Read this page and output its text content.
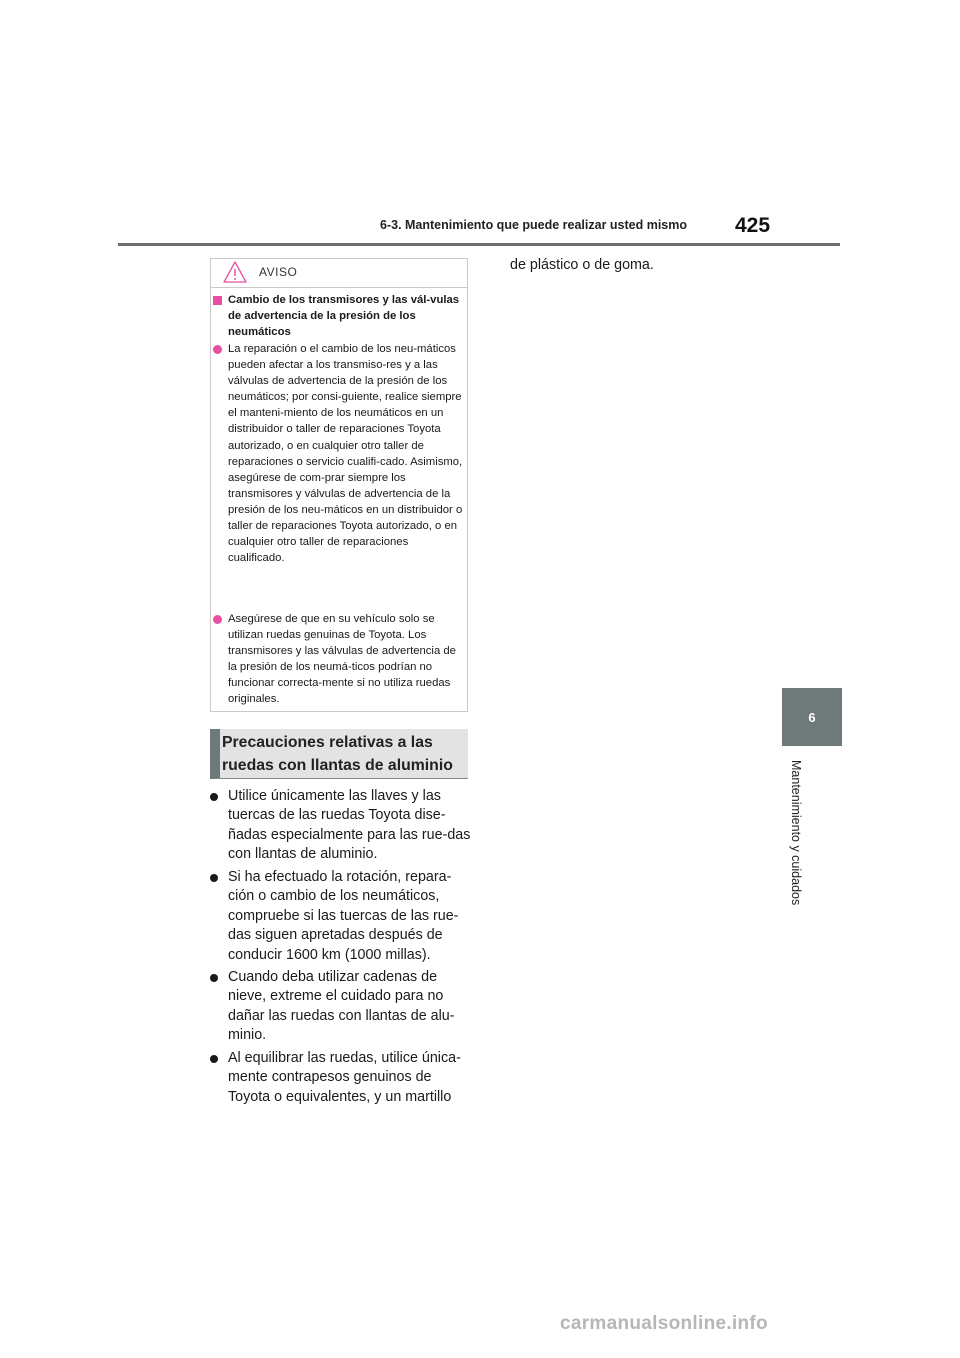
6-3. Mantenimiento que puede realizar usted mismo 425
6
Mantenimiento y cuidados
AVISO
Cambio de los transmisores y las vál-vulas de advertencia de la presión de los neumáticos
La reparación o el cambio de los neu-máticos pueden afectar a los transmiso-res y a las válvulas de advertencia de la presión de los neumáticos; por consi-guiente, realice siempre el manteni-miento de los neumáticos en un distribuidor o taller de reparaciones Toyota autorizado, o en cualquier otro taller de reparaciones o servicio cualifi-cado. Asimismo, asegúrese de com-prar siempre los transmisores y válvulas de advertencia de la presión de los neu-máticos en un distribuidor o taller de reparaciones Toyota autorizado, o en cualquier otro taller de reparaciones cualificado.
Asegúrese de que en su vehículo solo se utilizan ruedas genuinas de Toyota. Los transmisores y las válvulas de advertencia de la presión de los neumá-ticos podrían no funcionar correcta-mente si no utiliza ruedas originales.
Precauciones relativas a las ruedas con llantas de aluminio
Utilice únicamente las llaves y las tuercas de las ruedas Toyota dise-ñadas especialmente para las rue-das con llantas de aluminio.
Si ha efectuado la rotación, repara-ción o cambio de los neumáticos, compruebe si las tuercas de las rue-das siguen apretadas después de conducir 1600 km (1000 millas).
Cuando deba utilizar cadenas de nieve, extreme el cuidado para no dañar las ruedas con llantas de alu-minio.
Al equilibrar las ruedas, utilice única-mente contrapesos genuinos de Toyota o equivalentes, y un martillo
de plástico o de goma.
carmanualsonline.info
